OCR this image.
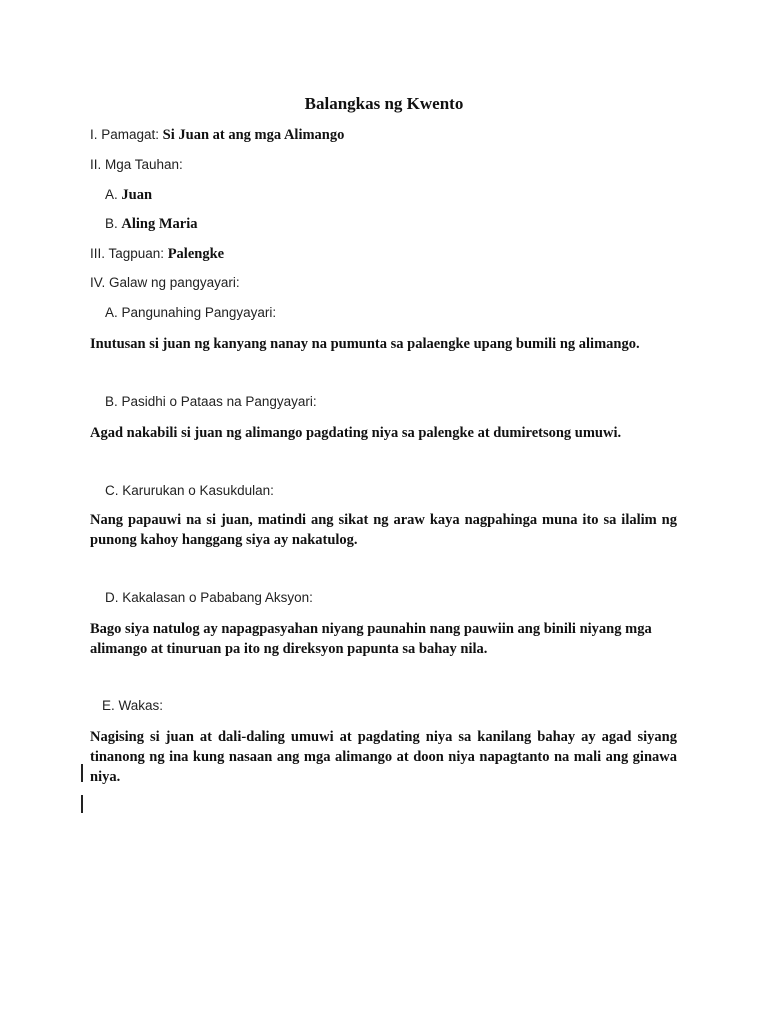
Balangkas ng Kwento
I. Pamagat: Si Juan at ang mga Alimango
II. Mga Tauhan:
A. Juan
B. Aling Maria
III. Tagpuan: Palengke
IV. Galaw ng pangyayari:
A. Pangunahing Pangyayari:
Inutusan si juan ng kanyang nanay na pumunta sa palaengke upang bumili ng alimango.
B. Pasidhi o Pataas na Pangyayari:
Agad nakabili si juan ng alimango pagdating niya sa palengke at dumiretsong umuwi.
C. Karurukan o Kasukdulan:
Nang papauwi na si juan, matindi ang sikat ng araw kaya nagpahinga muna ito sa ilalim ng punong kahoy hanggang siya ay nakatulog.
D. Kakalasan o Pababang Aksyon:
Bago siya natulog ay napagpasyahan niyang paunahin nang pauwiin ang binili niyang mga alimango at tinuruan pa ito ng direksyon papunta sa bahay nila.
E. Wakas:
Nagising si juan at dali-daling umuwi at pagdating niya sa kanilang bahay ay agad siyang tinanong ng ina kung nasaan ang mga alimango at doon niya napagtanto na mali ang ginawa niya.
